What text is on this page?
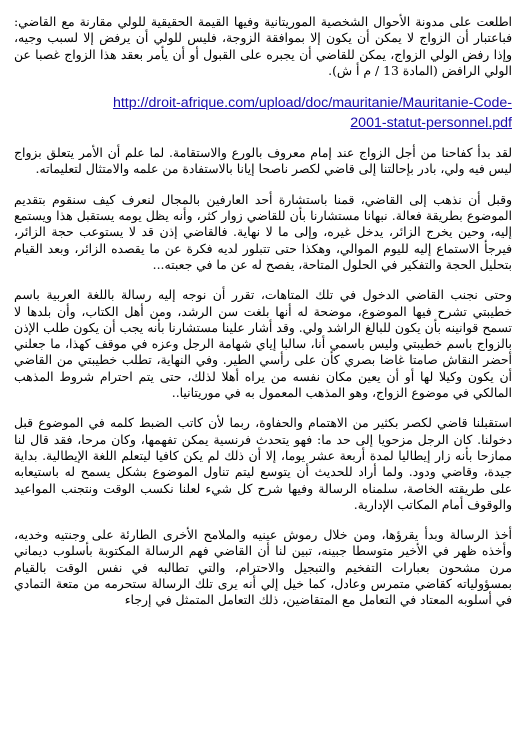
اطلعت على مدونة الأحوال الشخصية الموريتانية وفيها القيمة الحقيقية للولي مقارنة مع القاضي: فباعتبار أن الزواج لا يمكن أن يكون إلا بموافقة الزوجة، فليس للولي أن يرفض إلا لسبب وجيه، وإذا رفض الولي الزواج، يمكن للقاضي أن يجبره على القبول أو أن يأمر بعقد هذا الزواج غصبا عن الولي الرافض (المادة 13 / م أ ش).

http://droit-afrique.com/upload/doc/mauritanie/Mauritanie-Code-
2001-statut-personnel.pdf

لقد بدأ كفاحنا من أجل الزواج عند إمام معروف بالورع والاستقامة. لما علم أن الأمر يتعلق بزواج ليس فيه ولي، بادر بإحالتنا إلى قاضي لكصر ناصحا إيانا بالاستفادة من علمه والامتثال لتعليماته.

وقبل أن نذهب إلى القاضي، قمنا باستشارة أحد العارفين بالمجال لنعرف كيف سنقوم بتقديم الموضوع بطريقة فعالة. نبهانا مستشارنا بأن للقاضي زوار كثر، وأنه يظل يومه يستقبل هذا ويستمع إليه، وحين يخرج الزائر، يدخل غيره، وإلى ما لا نهاية. فالقاضي إذن قد لا يستوعب حجة الزائر، فيرجأ الاستماع إليه لليوم الموالي، وهكذا حتى تتبلور لديه فكرة عن ما يقصده الزائر، وبعد القيام بتحليل الحجة والتفكير في الحلول المتاحة، يفصح له عن ما في جعبته...

وحتى نجنب القاضي الدخول في تلك المتاهات، تقرر أن نوجه إليه رسالة باللغة العربية باسم خطيبتي تشرح فيها الموضوع، موضحة له أنها بلغت سن الرشد، ومن أهل الكتاب، وأن بلدها لا تسمح قوانينه بأن يكون للبالغ الراشد ولي. وقد أشار علينا مستشارنا بأنه يجب أن يكون طلب الإذن بالزواج باسم خطيبتي وليس باسمي أنا، سالبا إياي شهامة الرجل وعزه في موقف كهذا، ما جعلني أحضر النقاش صامتا غاضا بصري كأن على رأسي الطير. وفي النهاية، تطلب خطيبتي من القاضي أن يكون وكيلا لها أو أن يعين مكان نفسه من يراه أهلا لذلك، حتى يتم احترام شروط المذهب المالكي في موضوع الزواج، وهو المذهب المعمول به في موريتانيا..

استقبلنا قاضي لكصر بكثير من الاهتمام والحفاوة، ربما لأن كاتب الضبط كلمه في الموضوع قبل دخولنا. كان الرجل مزحويا إلى حد ما: فهو يتحدث فرنسية يمكن تفهمها، وكان مرحا، فقد قال لنا ممازحا بأنه زار إيطاليا لمدة أربعة عشر يوما، إلا أن ذلك لم يكن كافيا ليتعلم اللغة الإيطالية. بداية جيدة، وقاضي ودود. ولما أراد للحديث أن يتوسع ليتم تناول الموضوع بشكل يسمح له باستيعابه على طريقته الخاصة، سلمناه الرسالة وفيها شرح كل شيء لعلنا نكسب الوقت ونتجنب المواعيد والوقوف أمام المكاتب الإدارية.

أخذ الرسالة وبدأ يقرؤها، ومن خلال رموش عينيه والملامح الأخرى الطارئة على وجنتيه وخديه، وأخذه ظهر في الأخير متوسطا جبينه، تبين لنا أن القاضي فهم الرسالة المكتوبة بأسلوب ديماني مرن مشحون بعبارات التفخيم والتبجيل والاحترام، والتي تطالبه في نفس الوقت بالقيام بمسؤولياته كقاضي متمرس وعادل، كما خيل إلي أنه يرى تلك الرسالة ستحرمه من متعة التمادي في أسلوبه المعتاد في التعامل مع المتقاضين، ذلك التعامل المتمثل في إرجاء
